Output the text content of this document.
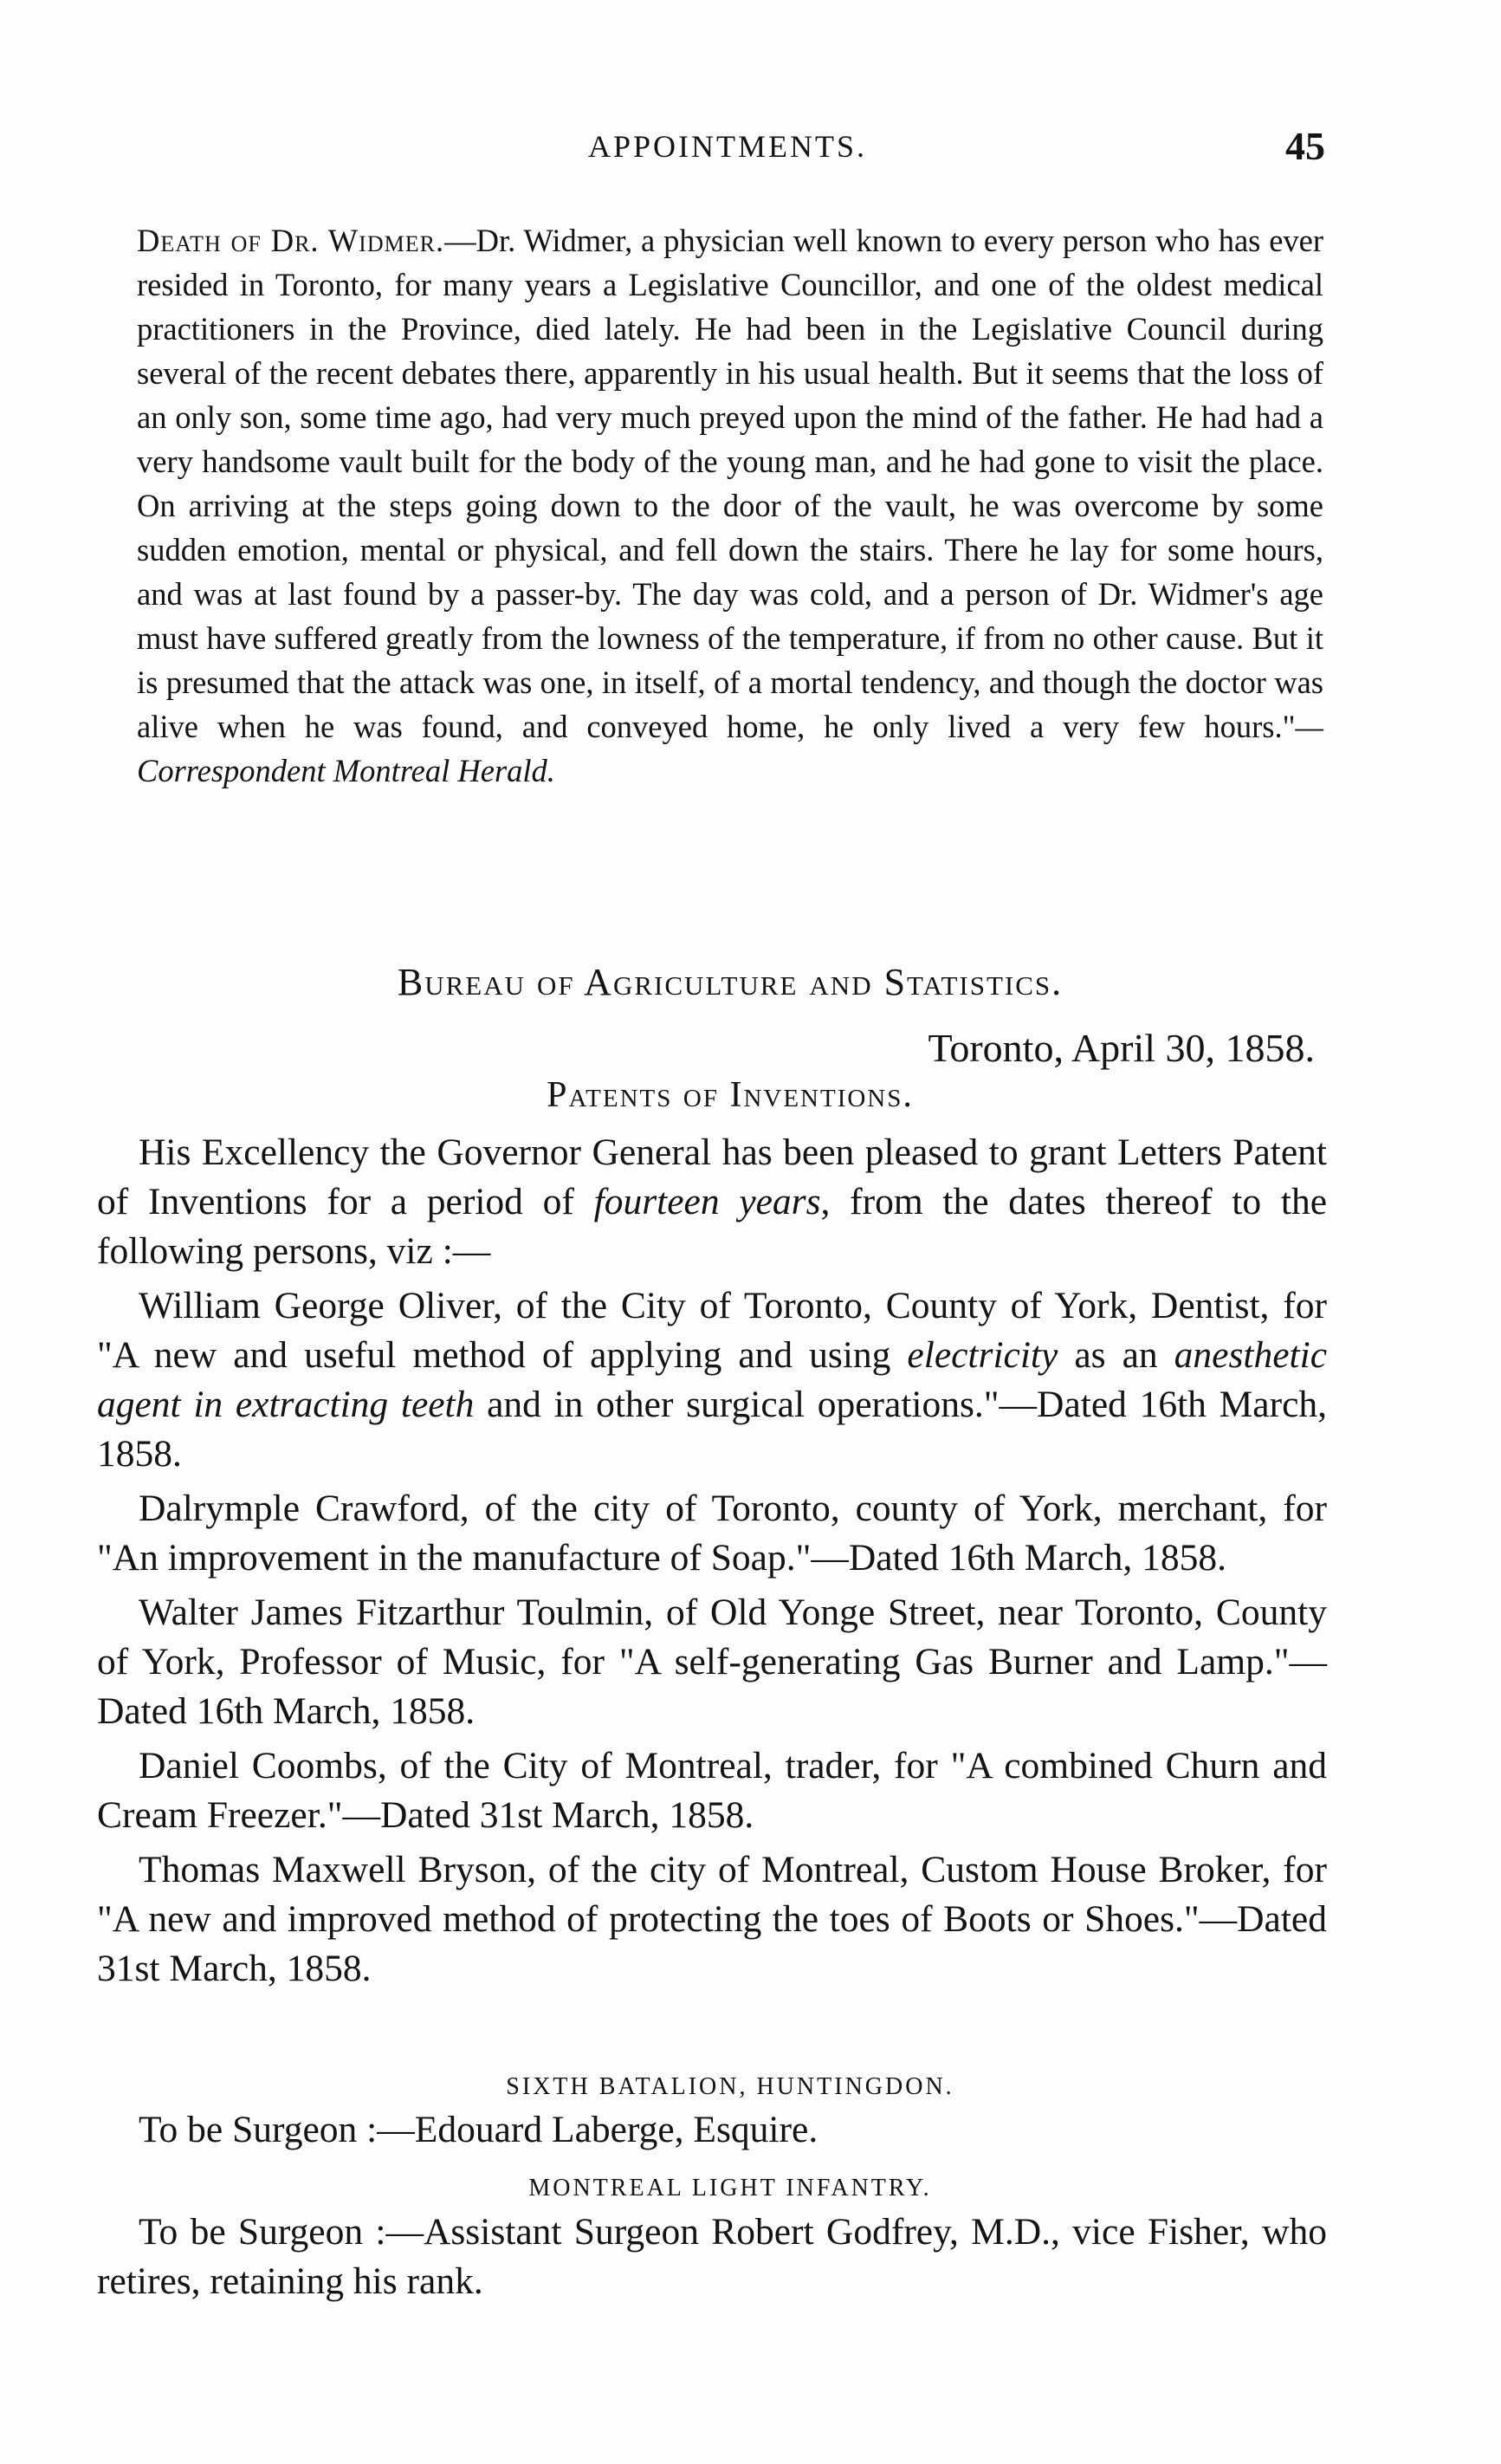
APPOINTMENTS.	45

Death of Dr. Widmer.—Dr. Widmer, a physician well known to every person who has ever resided in Toronto, for many years a Legislative Councillor, and one of the oldest medical practitioners in the Province, died lately. He had been in the Legislative Council during several of the recent debates there, apparently in his usual health. But it seems that the loss of an only son, some time ago, had very much preyed upon the mind of the father. He had had a very handsome vault built for the body of the young man, and he had gone to visit the place. On arriving at the steps going down to the door of the vault, he was overcome by some sudden emotion, mental or physical, and fell down the stairs. There he lay for some hours, and was at last found by a passer-by. The day was cold, and a person of Dr. Widmer's age must have suffered greatly from the lowness of the temperature, if from no other cause. But it is presumed that the attack was one, in itself, of a mortal tendency, and though the doctor was alive when he was found, and conveyed home, he only lived a very few hours."—Correspondent Montreal Herald.

Bureau of Agriculture and Statistics.
Toronto, April 30, 1858.
Patents of Inventions.

His Excellency the Governor General has been pleased to grant Letters Patent of Inventions for a period of fourteen years, from the dates thereof to the following persons, viz :—

William George Oliver, of the City of Toronto, County of York, Dentist, for "A new and useful method of applying and using electricity as an anesthetic agent in extracting teeth and in other surgical operations."—Dated 16th March, 1858.

Dalrymple Crawford, of the city of Toronto, county of York, merchant, for "An improvement in the manufacture of Soap."—Dated 16th March, 1858.

Walter James Fitzarthur Toulmin, of Old Yonge Street, near Toronto, County of York, Professor of Music, for "A self-generating Gas Burner and Lamp."—Dated 16th March, 1858.

Daniel Coombs, of the City of Montreal, trader, for "A combined Churn and Cream Freezer."—Dated 31st March, 1858.

Thomas Maxwell Bryson, of the city of Montreal, Custom House Broker, for "A new and improved method of protecting the toes of Boots or Shoes."—Dated 31st March, 1858.

SIXTH BATALION, HUNTINGDON.

To be Surgeon :—Edouard Laberge, Esquire.

MONTREAL LIGHT INFANTRY.

To be Surgeon :—Assistant Surgeon Robert Godfrey, M.D., vice Fisher, who retires, retaining his rank.
